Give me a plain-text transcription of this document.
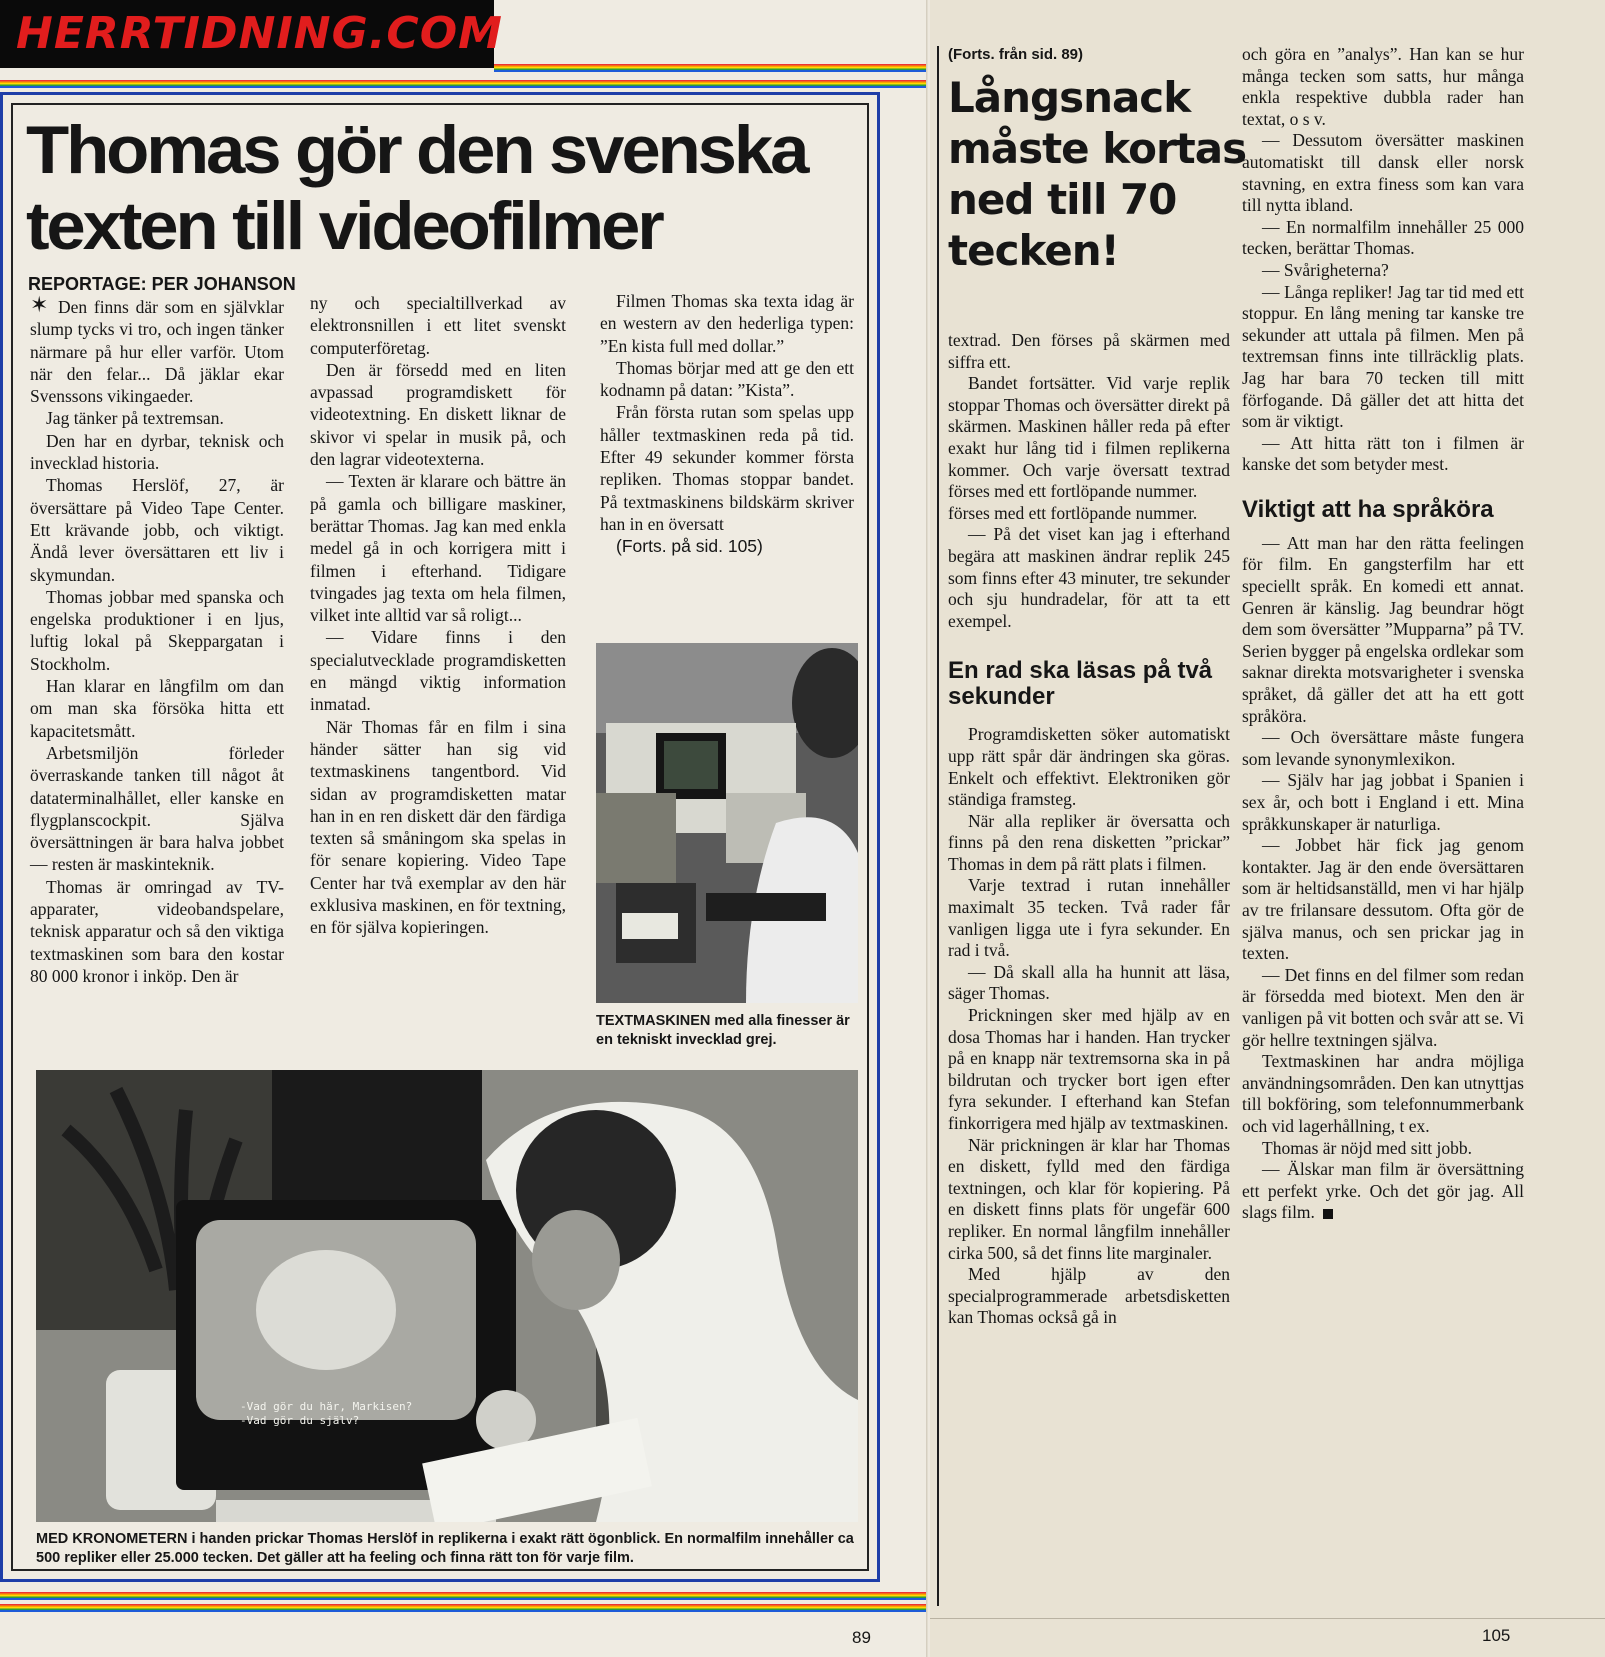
HERRTIDNING.COM
Thomas gör den svenska texten till videofilmer

REPORTAGE: PER JOHANSON

✶ Den finns där som en självklar slump tycks vi tro, och ingen tänker närmare på hur eller varför. Utom när den felar... Då jäklar ekar Svenssons vikingaeder.

Jag tänker på textremsan.

Den har en dyrbar, teknisk och invecklad historia.

Thomas Herslöf, 27, är översättare på Video Tape Center. Ett krävande jobb, och viktigt. Ändå lever översättaren ett liv i skymundan.

Thomas jobbar med spanska och engelska produktioner i en ljus, luftig lokal på Skeppargatan i Stockholm.

Han klarar en långfilm om dan om man ska försöka hitta ett kapacitetsmått.

Arbetsmiljön förleder överraskande tanken till något åt dataterminalhållet, eller kanske en flygplanscockpit. Själva översättningen är bara halva jobbet — resten är maskinteknik.

Thomas är omringad av TV-apparater, videobandspelare, teknisk apparatur och så den viktiga textmaskinen som bara den kostar 80 000 kronor i inköp. Den är

ny och specialtillverkad av elektronsnillen i ett litet svenskt computerföretag.

Den är försedd med en liten avpassad programdiskett för videotextning. En diskett liknar de skivor vi spelar in musik på, och den lagrar videotexterna.

— Texten är klarare och bättre än på gamla och billigare maskiner, berättar Thomas. Jag kan med enkla medel gå in och korrigera mitt i filmen i efterhand. Tidigare tvingades jag texta om hela filmen, vilket inte alltid var så roligt...

— Vidare finns i den specialutvecklade programdisketten en mängd viktig information inmatad.

När Thomas får en film i sina händer sätter han sig vid textmaskinens tangentbord. Vid sidan av programdisketten matar han in en ren diskett där den färdiga texten så småningom ska spelas in för senare kopiering. Video Tape Center har två exemplar av den här exklusiva maskinen, en för textning, en för själva kopieringen.

Filmen Thomas ska texta idag är en western av den hederliga typen: ”En kista full med dollar.”

Thomas börjar med att ge den ett kodnamn på datan: ”Kista”.

Från första rutan som spelas upp håller textmaskinen reda på tid. Efter 49 sekunder kommer första repliken. Thomas stoppar bandet. På textmaskinens bildskärm skriver han in en översatt

(Forts. på sid. 105)

TEXTMASKINEN med alla finesser är en tekniskt invecklad grej.

-Vad gör du här, Markisen?
-Vad gör du själv?

MED KRONOMETERN i handen prickar Thomas Herslöf in replikerna i exakt rätt ögonblick. En normalfilm innehåller ca 500 repliker eller 25.000 tecken. Det gäller att ha feeling och finna rätt ton för varje film.

89

(Forts. från sid. 89)

Långsnack måste kortas ned till 70 tecken!

textrad. Den förses på skärmen med siffra ett.

Bandet fortsätter. Vid varje replik stoppar Thomas och översätter direkt på skärmen. Maskinen håller reda på efter exakt hur lång tid i filmen replikerna kommer. Och varje översatt textrad förses med ett fortlöpande nummer.

förses med ett fortlöpande nummer.

— På det viset kan jag i efterhand begära att maskinen ändrar replik 245 som finns efter 43 minuter, tre sekunder och sju hundradelar, för att ta ett exempel.

En rad ska läsas på två sekunder

Programdisketten söker automatiskt upp rätt spår där ändringen ska göras. Enkelt och effektivt. Elektroniken gör ständiga framsteg.

När alla repliker är översatta och finns på den rena disketten ”prickar” Thomas in dem på rätt plats i filmen.

Varje textrad i rutan innehåller maximalt 35 tecken. Två rader får vanligen ligga ute i fyra sekunder. En rad i två.

— Då skall alla ha hunnit att läsa, säger Thomas.

Prickningen sker med hjälp av en dosa Thomas har i handen. Han trycker på en knapp när textremsorna ska in på bildrutan och trycker bort igen efter fyra sekunder. I efterhand kan Stefan finkorrigera med hjälp av textmaskinen.

När prickningen är klar har Thomas en diskett, fylld med den färdiga textningen, och klar för kopiering. På en diskett finns plats för ungefär 600 repliker. En normal långfilm innehåller cirka 500, så det finns lite marginaler.

Med hjälp av den specialprogrammerade arbetsdisketten kan Thomas också gå in

och göra en ”analys”. Han kan se hur många tecken som satts, hur många enkla respektive dubbla rader han textat, o s v.

— Dessutom översätter maskinen automatiskt till dansk eller norsk stavning, en extra finess som kan vara till nytta ibland.

— En normalfilm innehåller 25 000 tecken, berättar Thomas.

— Svårigheterna?

— Långa repliker! Jag tar tid med ett stoppur. En lång mening tar kanske tre sekunder att uttala på filmen. Men på textremsan finns inte tillräcklig plats. Jag har bara 70 tecken till mitt förfogande. Då gäller det att hitta det som är viktigt.

— Att hitta rätt ton i filmen är kanske det som betyder mest.

Viktigt att ha språköra

— Att man har den rätta feelingen för film. En gangsterfilm har ett speciellt språk. En komedi ett annat. Genren är känslig. Jag beundrar högt dem som översätter ”Mupparna” på TV. Serien bygger på engelska ordlekar som saknar direkta motsvarigheter i svenska språket, då gäller det att ha ett gott språköra.

— Och översättare måste fungera som levande synonymlexikon.

— Själv har jag jobbat i Spanien i sex år, och bott i England i ett. Mina språkkunskaper är naturliga.

— Jobbet här fick jag genom kontakter. Jag är den ende översättaren som är heltidsanställd, men vi har hjälp av tre frilansare dessutom. Ofta gör de själva manus, och sen prickar jag in texten.

— Det finns en del filmer som redan är försedda med biotext. Men den är vanligen på vit botten och svår att se. Vi gör hellre textningen själva.

Textmaskinen har andra möjliga användningsområden. Den kan utnyttjas till bokföring, som telefonnummerbank och vid lagerhållning, t ex.

Thomas är nöjd med sitt jobb.

— Älskar man film är översättning ett perfekt yrke. Och det gör jag. All slags film.

105
